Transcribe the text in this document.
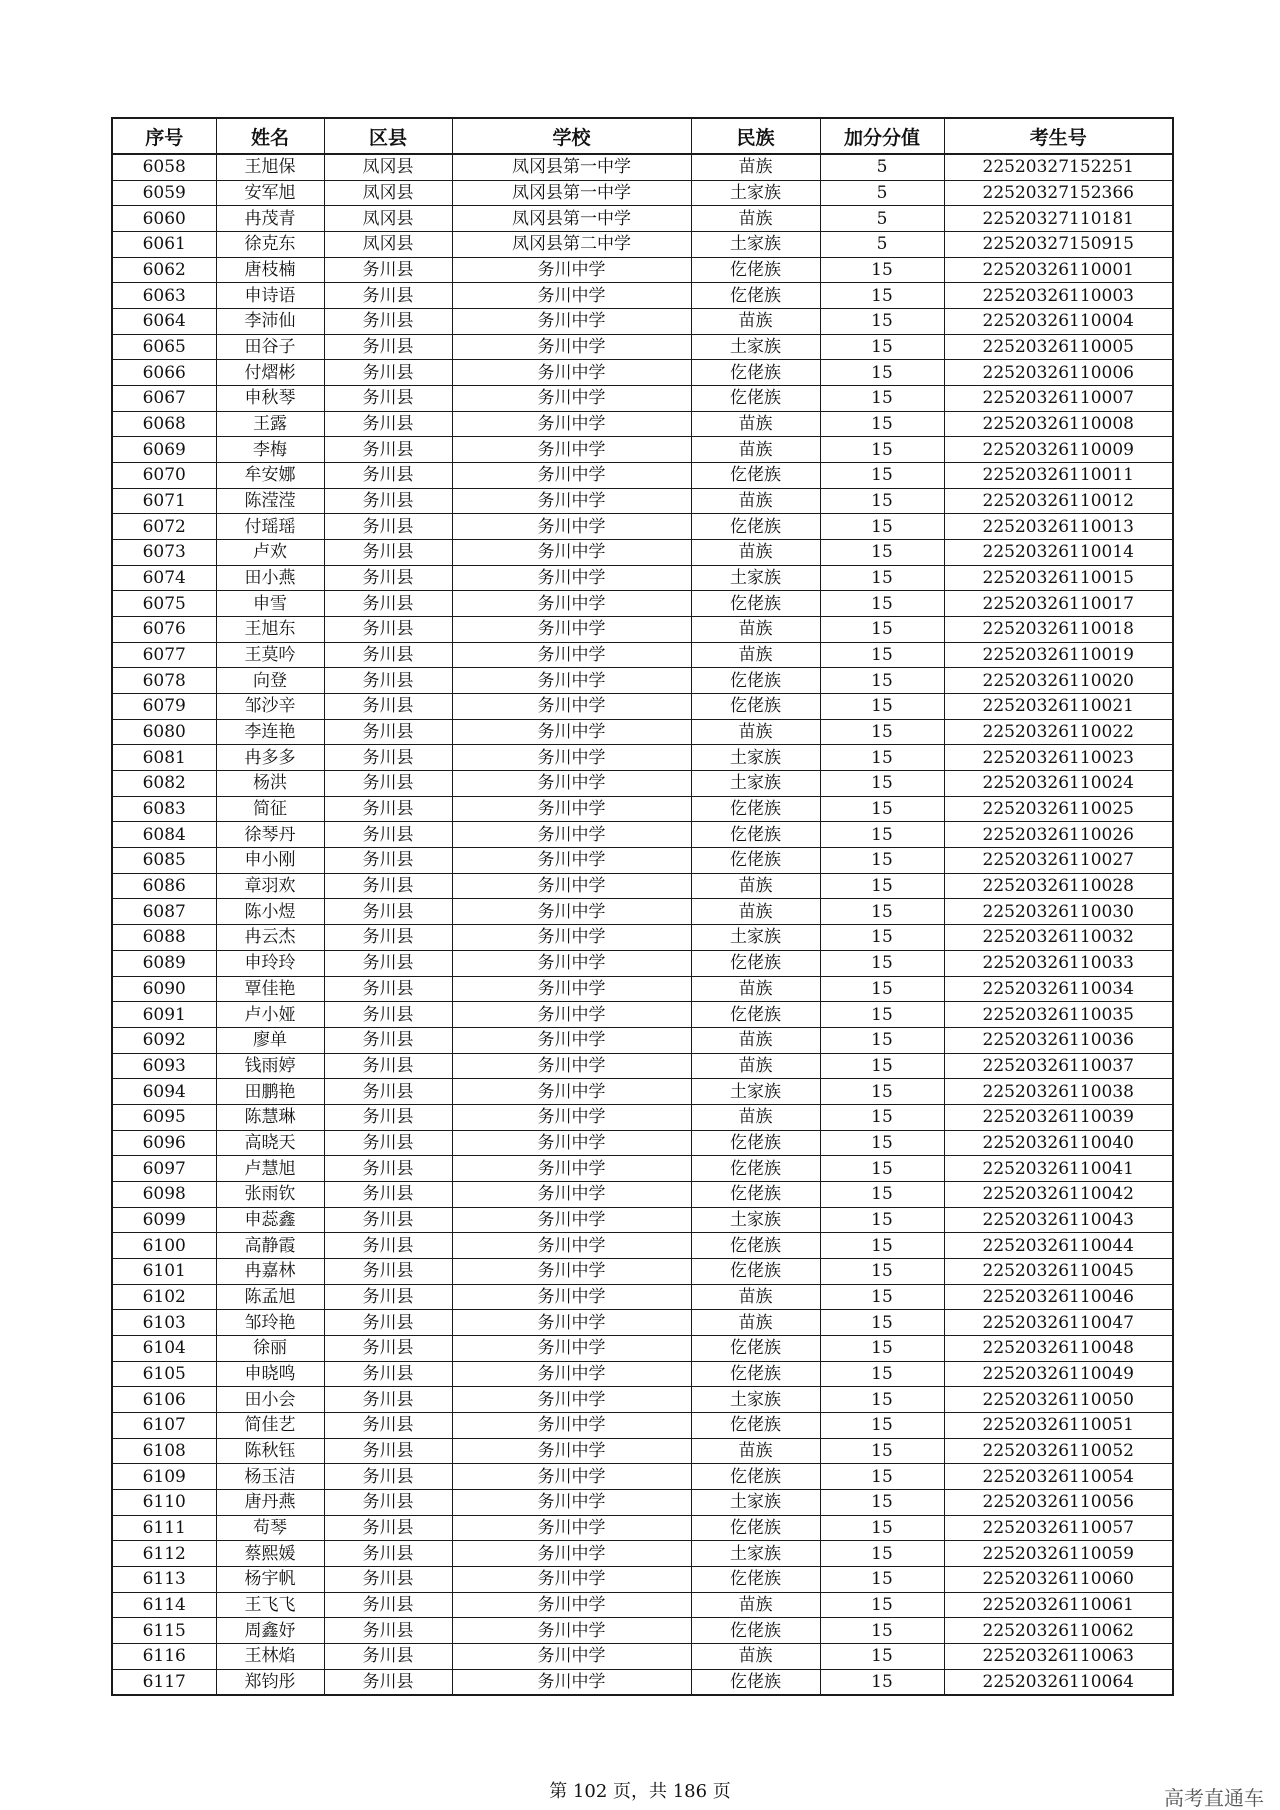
序号	姓名	区县	学校	民族	加分分值	考生号
6058	王旭保	凤冈县	凤冈县第一中学	苗族	5	22520327152251
6059	安军旭	凤冈县	凤冈县第一中学	土家族	5	22520327152366
6060	冉茂青	凤冈县	凤冈县第一中学	苗族	5	22520327110181
6061	徐克东	凤冈县	凤冈县第二中学	土家族	5	22520327150915
6062	唐枝楠	务川县	务川中学	仡佬族	15	22520326110001
6063	申诗语	务川县	务川中学	仡佬族	15	22520326110003
6064	李沛仙	务川县	务川中学	苗族	15	22520326110004
6065	田谷子	务川县	务川中学	土家族	15	22520326110005
6066	付熠彬	务川县	务川中学	仡佬族	15	22520326110006
6067	申秋琴	务川县	务川中学	仡佬族	15	22520326110007
6068	王露	务川县	务川中学	苗族	15	22520326110008
6069	李梅	务川县	务川中学	苗族	15	22520326110009
6070	牟安娜	务川县	务川中学	仡佬族	15	22520326110011
6071	陈滢滢	务川县	务川中学	苗族	15	22520326110012
6072	付瑶瑶	务川县	务川中学	仡佬族	15	22520326110013
6073	卢欢	务川县	务川中学	苗族	15	22520326110014
6074	田小燕	务川县	务川中学	土家族	15	22520326110015
6075	申雪	务川县	务川中学	仡佬族	15	22520326110017
6076	王旭东	务川县	务川中学	苗族	15	22520326110018
6077	王莫吟	务川县	务川中学	苗族	15	22520326110019
6078	向登	务川县	务川中学	仡佬族	15	22520326110020
6079	邹沙辛	务川县	务川中学	仡佬族	15	22520326110021
6080	李连艳	务川县	务川中学	苗族	15	22520326110022
6081	冉多多	务川县	务川中学	土家族	15	22520326110023
6082	杨洪	务川县	务川中学	土家族	15	22520326110024
6083	简征	务川县	务川中学	仡佬族	15	22520326110025
6084	徐琴丹	务川县	务川中学	仡佬族	15	22520326110026
6085	申小刚	务川县	务川中学	仡佬族	15	22520326110027
6086	章羽欢	务川县	务川中学	苗族	15	22520326110028
6087	陈小煜	务川县	务川中学	苗族	15	22520326110030
6088	冉云杰	务川县	务川中学	土家族	15	22520326110032
6089	申玲玲	务川县	务川中学	仡佬族	15	22520326110033
6090	覃佳艳	务川县	务川中学	苗族	15	22520326110034
6091	卢小娅	务川县	务川中学	仡佬族	15	22520326110035
6092	廖单	务川县	务川中学	苗族	15	22520326110036
6093	钱雨婷	务川县	务川中学	苗族	15	22520326110037
6094	田鹏艳	务川县	务川中学	土家族	15	22520326110038
6095	陈慧琳	务川县	务川中学	苗族	15	22520326110039
6096	高晓天	务川县	务川中学	仡佬族	15	22520326110040
6097	卢慧旭	务川县	务川中学	仡佬族	15	22520326110041
6098	张雨钦	务川县	务川中学	仡佬族	15	22520326110042
6099	申蕊鑫	务川县	务川中学	土家族	15	22520326110043
6100	高静霞	务川县	务川中学	仡佬族	15	22520326110044
6101	冉嘉林	务川县	务川中学	仡佬族	15	22520326110045
6102	陈孟旭	务川县	务川中学	苗族	15	22520326110046
6103	邹玲艳	务川县	务川中学	苗族	15	22520326110047
6104	徐丽	务川县	务川中学	仡佬族	15	22520326110048
6105	申晓鸣	务川县	务川中学	仡佬族	15	22520326110049
6106	田小会	务川县	务川中学	土家族	15	22520326110050
6107	简佳艺	务川县	务川中学	仡佬族	15	22520326110051
6108	陈秋钰	务川县	务川中学	苗族	15	22520326110052
6109	杨玉洁	务川县	务川中学	仡佬族	15	22520326110054
6110	唐丹燕	务川县	务川中学	土家族	15	22520326110056
6111	苟琴	务川县	务川中学	仡佬族	15	22520326110057
6112	蔡熙媛	务川县	务川中学	土家族	15	22520326110059
6113	杨宇帆	务川县	务川中学	仡佬族	15	22520326110060
6114	王飞飞	务川县	务川中学	苗族	15	22520326110061
6115	周鑫妤	务川县	务川中学	仡佬族	15	22520326110062
6116	王林焰	务川县	务川中学	苗族	15	22520326110063
6117	郑钧彤	务川县	务川中学	仡佬族	15	22520326110064
第 102 页，共 186 页	高考直通车
